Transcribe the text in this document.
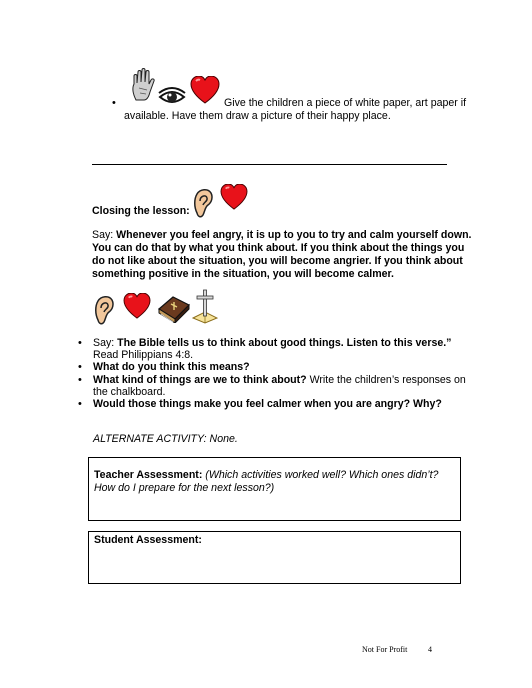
•	Give the children a piece of white paper, art paper if
available. Have them draw a picture of their happy place.
Closing the lesson:
Say: Whenever you feel angry, it is up to you to try and calm yourself down.
You can do that by what you think about. If you think about the things you
do not like about the situation, you will become angrier. If you think about
something positive in the situation, you will become calmer.
• Say: The Bible tells us to think about good things. Listen to this verse.”
Read Philippians 4:8.
• What do you think this means?
• What kind of things are we to think about? Write the children’s responses on
the chalkboard.
• Would those things make you feel calmer when you are angry? Why?
ALTERNATE ACTIVITY: None.
Teacher Assessment: (Which activities worked well? Which ones didn’t?
How do I prepare for the next lesson?)
Student Assessment:
Not For Profit	4
